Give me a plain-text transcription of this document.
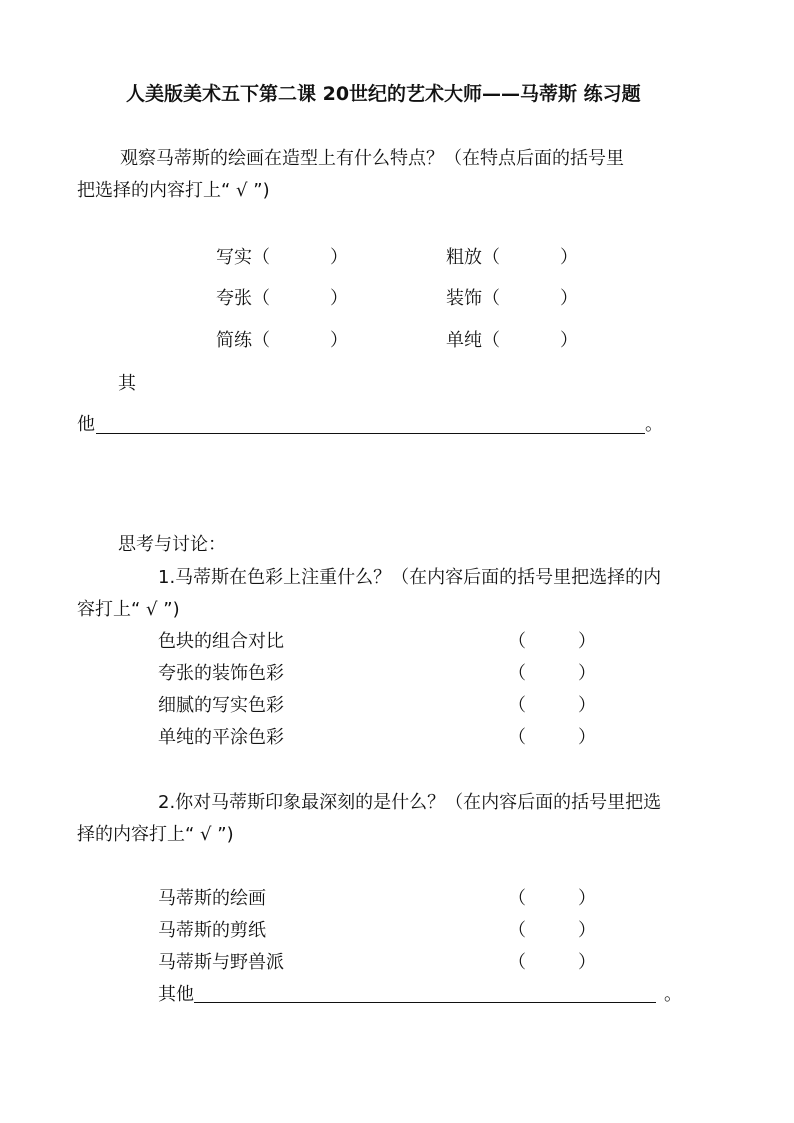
人美版美术五下第二课 20世纪的艺术大师——马蒂斯 练习题
观察马蒂斯的绘画在造型上有什么特点？（在特点后面的括号里
把选择的内容打上“ √ ”)
写实（	）	粗放（	）
夸张（	）	装饰（	）
简练（	）	单纯（	）
其
他	。
思考与讨论：
1.马蒂斯在色彩上注重什么？（在内容后面的括号里把选择的内
容打上“ √ ”)
色块的组合对比	（	）
夸张的装饰色彩	（	）
细腻的写实色彩	（	）
单纯的平涂色彩	（	）
2.你对马蒂斯印象最深刻的是什么？（在内容后面的括号里把选
择的内容打上“ √ ”)
马蒂斯的绘画	（	）
马蒂斯的剪纸	（	）
马蒂斯与野兽派	（	）
其他	。
